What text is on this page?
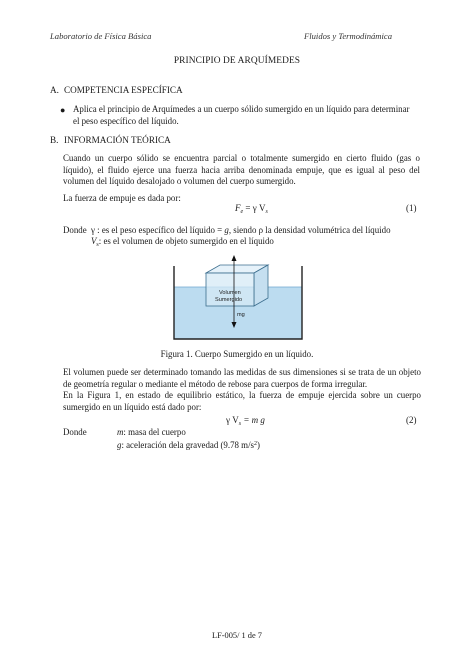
Laboratorio de Física Básica	Fluidos y Termodinámica
PRINCIPIO DE ARQUÍMEDES
A. COMPETENCIA ESPECÍFICA
● Aplica el principio de Arquímedes a un cuerpo sólido sumergido en un líquido para determinar
el peso específico del líquido.
B. INFORMACIÓN TEÓRICA
Cuando un cuerpo sólido se encuentra parcial o totalmente sumergido en cierto fluido (gas o
líquido), el fluido ejerce una fuerza hacia arriba denominada empuje, que es igual al peso del
volumen del líquido desalojado o volumen del cuerpo sumergido.
La fuerza de empuje es dada por:
$F_e = \gamma$ $V_s$	(1)
Donde γ : es el peso específico del líquido = g, siendo ρ la densidad volumétrica del líquido
$V_s$: es el volumen de objeto sumergido en el líquido
Volumen
Sumergido
mg
Figura 1. Cuerpo Sumergido en un líquido.
El volumen puede ser determinado tomando las medidas de sus dimensiones si se trata de un objeto
de geometría regular o mediante el método de rebose para cuerpos de forma irregular.
En la Figura 1, en estado de equilibrio estático, la fuerza de empuje ejercida sobre un cuerpo
sumergido en un líquido está dado por:
γ $V_s = m$ g	(2)
Donde	m: masa del cuerpo
g: aceleración dela gravedad (9.78 $m/s^2$)
LF-005/ 1 de 7
